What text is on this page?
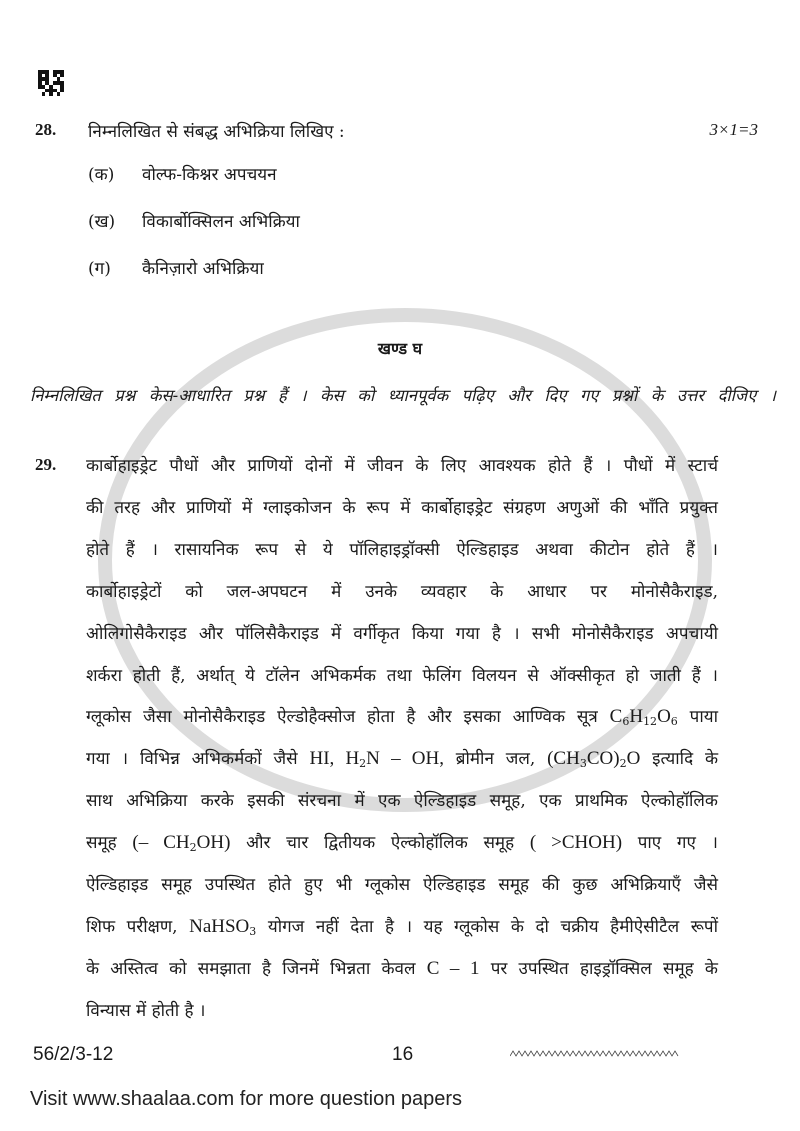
28. निम्नलिखित से संबद्ध अभिक्रिया लिखिए :	3×1=3
(क) वोल्फ-किश्नर अपचयन
(ख) विकार्बोक्सिलन अभिक्रिया
(ग) कैनिज़ारो अभिक्रिया
खण्ड घ
निम्नलिखित प्रश्न केस-आधारित प्रश्न हैं । केस को ध्यानपूर्वक पढ़िए और दिए गए प्रश्नों के उत्तर दीजिए ।
29. कार्बोहाइड्रेट पौधों और प्राणियों दोनों में जीवन के लिए आवश्यक होते हैं । पौधों में स्टार्च
की तरह और प्राणियों में ग्लाइकोजन के रूप में कार्बोहाइड्रेट संग्रहण अणुओं की भाँति प्रयुक्त
होते हैं । रासायनिक रूप से ये पॉलिहाइड्रॉक्सी ऐल्डिहाइड अथवा कीटोन होते हैं ।
कार्बोहाइड्रेटों को जल-अपघटन में उनके व्यवहार के आधार पर मोनोसैकैराइड,
ओलिगोसैकैराइड और पॉलिसैकैराइड में वर्गीकृत किया गया है । सभी मोनोसैकैराइड अपचायी
शर्करा होती हैं, अर्थात् ये टॉलेन अभिकर्मक तथा फेलिंग विलयन से ऑक्सीकृत हो जाती हैं ।
ग्लूकोस जैसा मोनोसैकैराइड ऐल्डोहैक्सोज होता है और इसका आण्विक सूत्र $C_6H_{12}O_6$ पाया
गया । विभिन्न अभिकर्मकों जैसे HI, $H_2N$ – OH, ब्रोमीन जल, $(CH_3CO)_2O$ इत्यादि के
साथ अभिक्रिया करके इसकी संरचना में एक ऐल्डिहाइड समूह, एक प्राथमिक ऐल्कोहॉलिक
समूह (– $CH_2OH$) और चार द्वितीयक ऐल्कोहॉलिक समूह ( >CHOH) पाए गए ।
ऐल्डिहाइड समूह उपस्थित होते हुए भी ग्लूकोस ऐल्डिहाइड समूह की कुछ अभिक्रियाएँ जैसे
शिफ परीक्षण, NaHSO$_3$ योगज नहीं देता है । यह ग्लूकोस के दो चक्रीय हैमीऐसीटैल रूपों
के अस्तित्व को समझाता है जिनमें भिन्नता केवल C – 1 पर उपस्थित हाइड्रॉक्सिल समूह के
विन्यास में होती है ।
56/2/3-12	16
Visit www.shaalaa.com for more question papers
